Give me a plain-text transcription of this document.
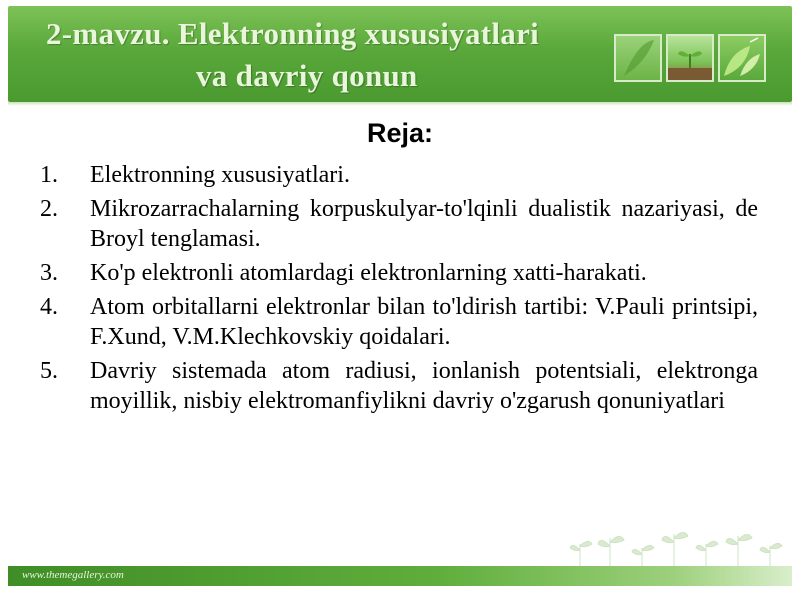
2-mavzu. Elektronning xususiyatlari
va davriy qonun
Reja:
1.	Elektronning xususiyatlari.
2.	Mikrozarrachalarning korpuskulyar-to'lqinli dualistik nazariyasi, de Broyl tenglamasi.
3.	Ko'p elektronli atomlardagi elektronlarning xatti-harakati.
4.	Atom orbitallarni elektronlar bilan to'ldirish tartibi: V.Pauli printsipi, F.Xund, V.M.Klechkovskiy qoidalari.
5.	Davriy sistemada atom radiusi, ionlanish potentsiali, elektronga moyillik, nisbiy elektromanfiylikni davriy o'zgarush qonuniyatlari
www.themegallery.com
